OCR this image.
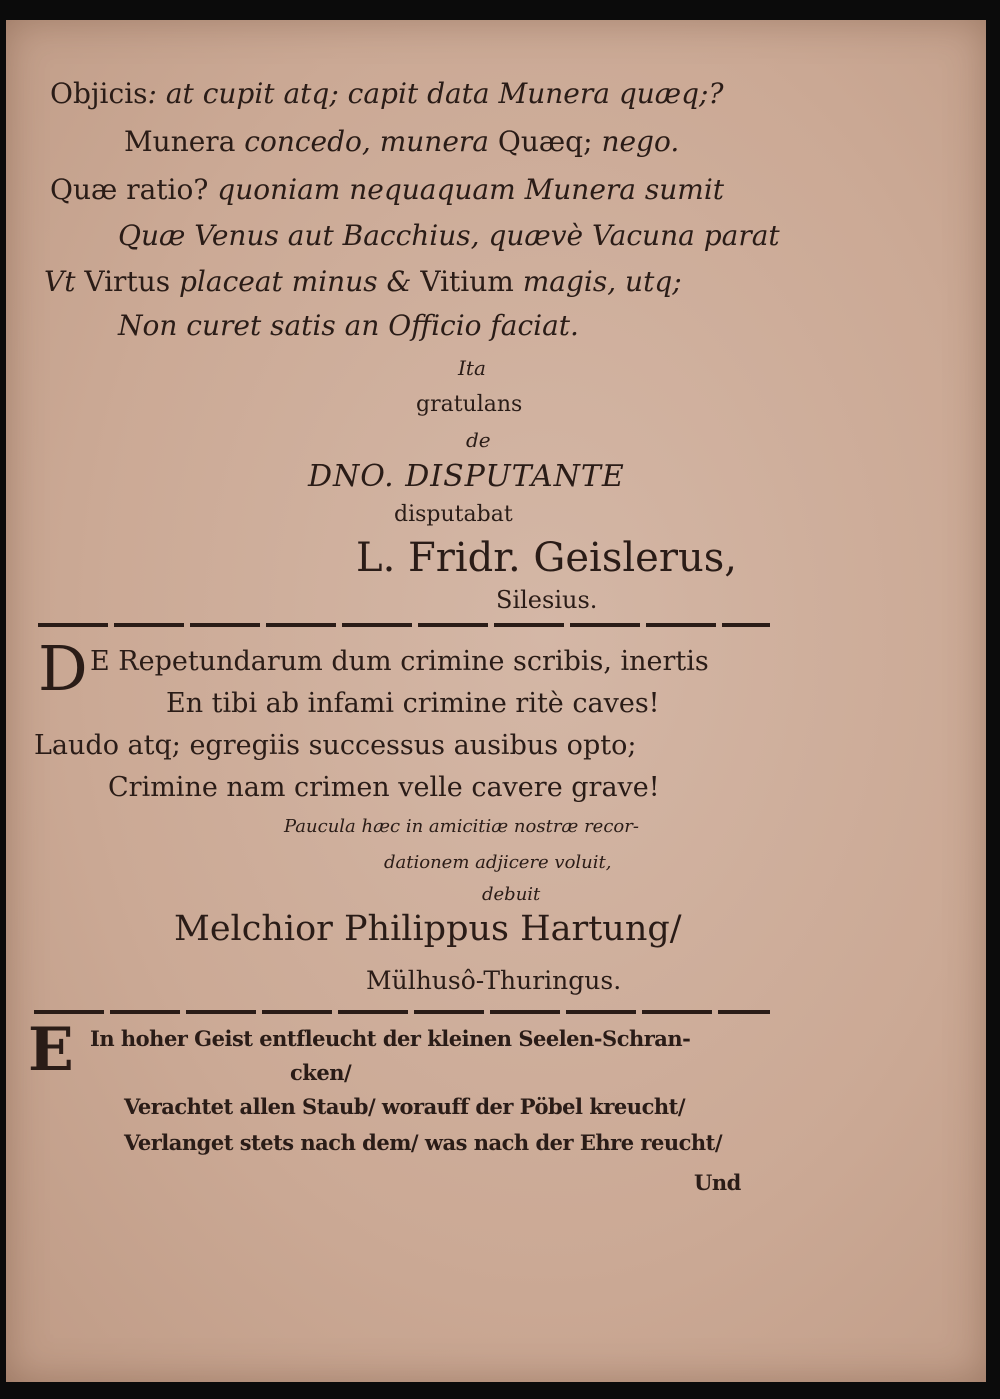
Objicis: at cupit atq; capit data Munera quæq;?
Munera concedo, munera Quæq; nego.
Quæ ratio? quoniam nequaquam Munera sumit
Quæ Venus aut Bacchius, quævè Vacuna parat
Vt Virtus placeat minus & Vitium magis, utq;
Non curet satis an Officio faciat.
Ita
gratulans
de
DNO. DISPUTANTE
disputabat
L. Fridr. Geislerus,
Silesius.
D E Repetundarum dum crimine scribis, inertis
En tibi ab infami crimine ritè caves!
Laudo atq; egregiis successus ausibus opto;
Crimine nam crimen velle cavere grave!
Paucula hæc in amicitiæ nostræ recor-
dationem adjicere voluit,
debuit
Melchior Philippus Hartung/
Mülhusô-Thuringus.
E In hoher Geist entfleucht der kleinen Seelen-Schran-
cken/
Verachtet allen Staub/ worauff der Pöbel kreucht/
Verlanget stets nach dem/ was nach der Ehre reucht/
Und
